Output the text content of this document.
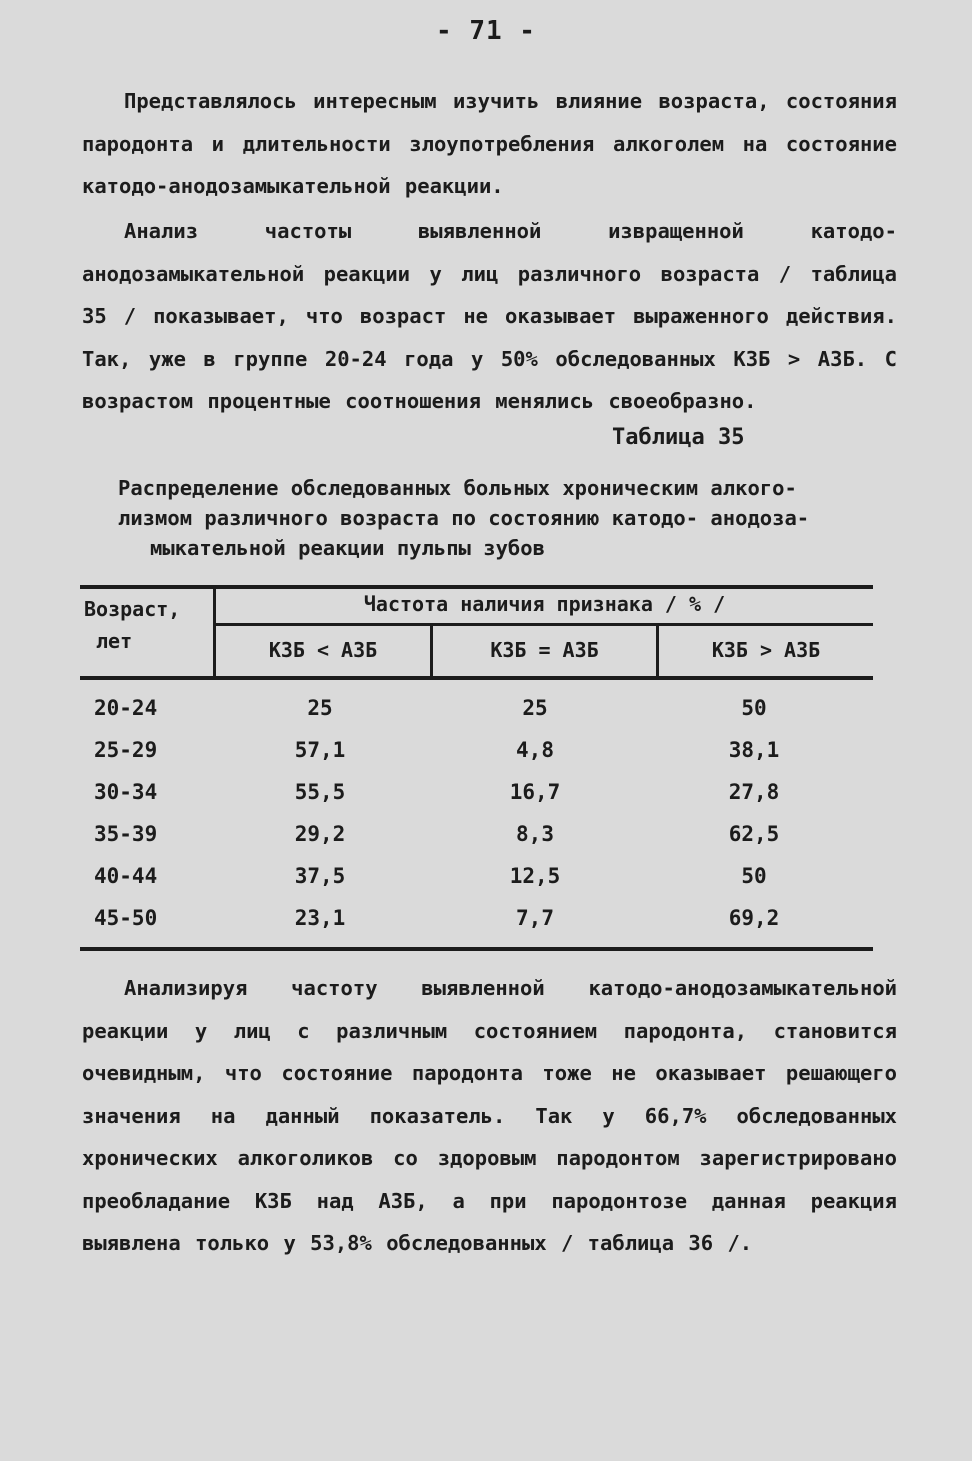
- 71 -

Представлялось интересным изучить влияние возраста, состояния пародонта и длительности злоупотребления алкоголем на состояние катодо-анодозамыкательной реакции.

Анализ частоты выявленной извращенной катодо-анодозамыкательной реакции у лиц различного возраста / таблица 35 / показывает, что возраст не оказывает выраженного действия. Так, уже в группе 20-24 года у 50% обследованных КЗБ > АЗБ. С возрастом процентные соотношения менялись своеобразно.

Таблица 35
Распределение обследованных больных хроническим алкого-
лизмом различного возраста по состоянию катодо- анодоза-
мыкательной реакции пульпы зубов
Возраст,
лет
Частота наличия признака / % /
КЗБ < АЗБ	КЗБ = АЗБ	КЗБ > АЗБ
20-24	25	25	50
25-29	57,1	4,8	38,1
30-34	55,5	16,7	27,8
35-39	29,2	8,3	62,5
40-44	37,5	12,5	50
45-50	23,1	7,7	69,2

Анализируя частоту выявленной катодо-анодозамыкательной реакции у лиц с различным состоянием пародонта, становится очевидным, что состояние пародонта тоже не оказывает решающего значения на данный показатель. Так у 66,7% обследованных хронических алкоголиков со здоровым пародонтом зарегистрировано преобладание КЗБ над АЗБ, а при пародонтозе данная реакция выявлена только у 53,8% обследованных / таблица 36 /.
